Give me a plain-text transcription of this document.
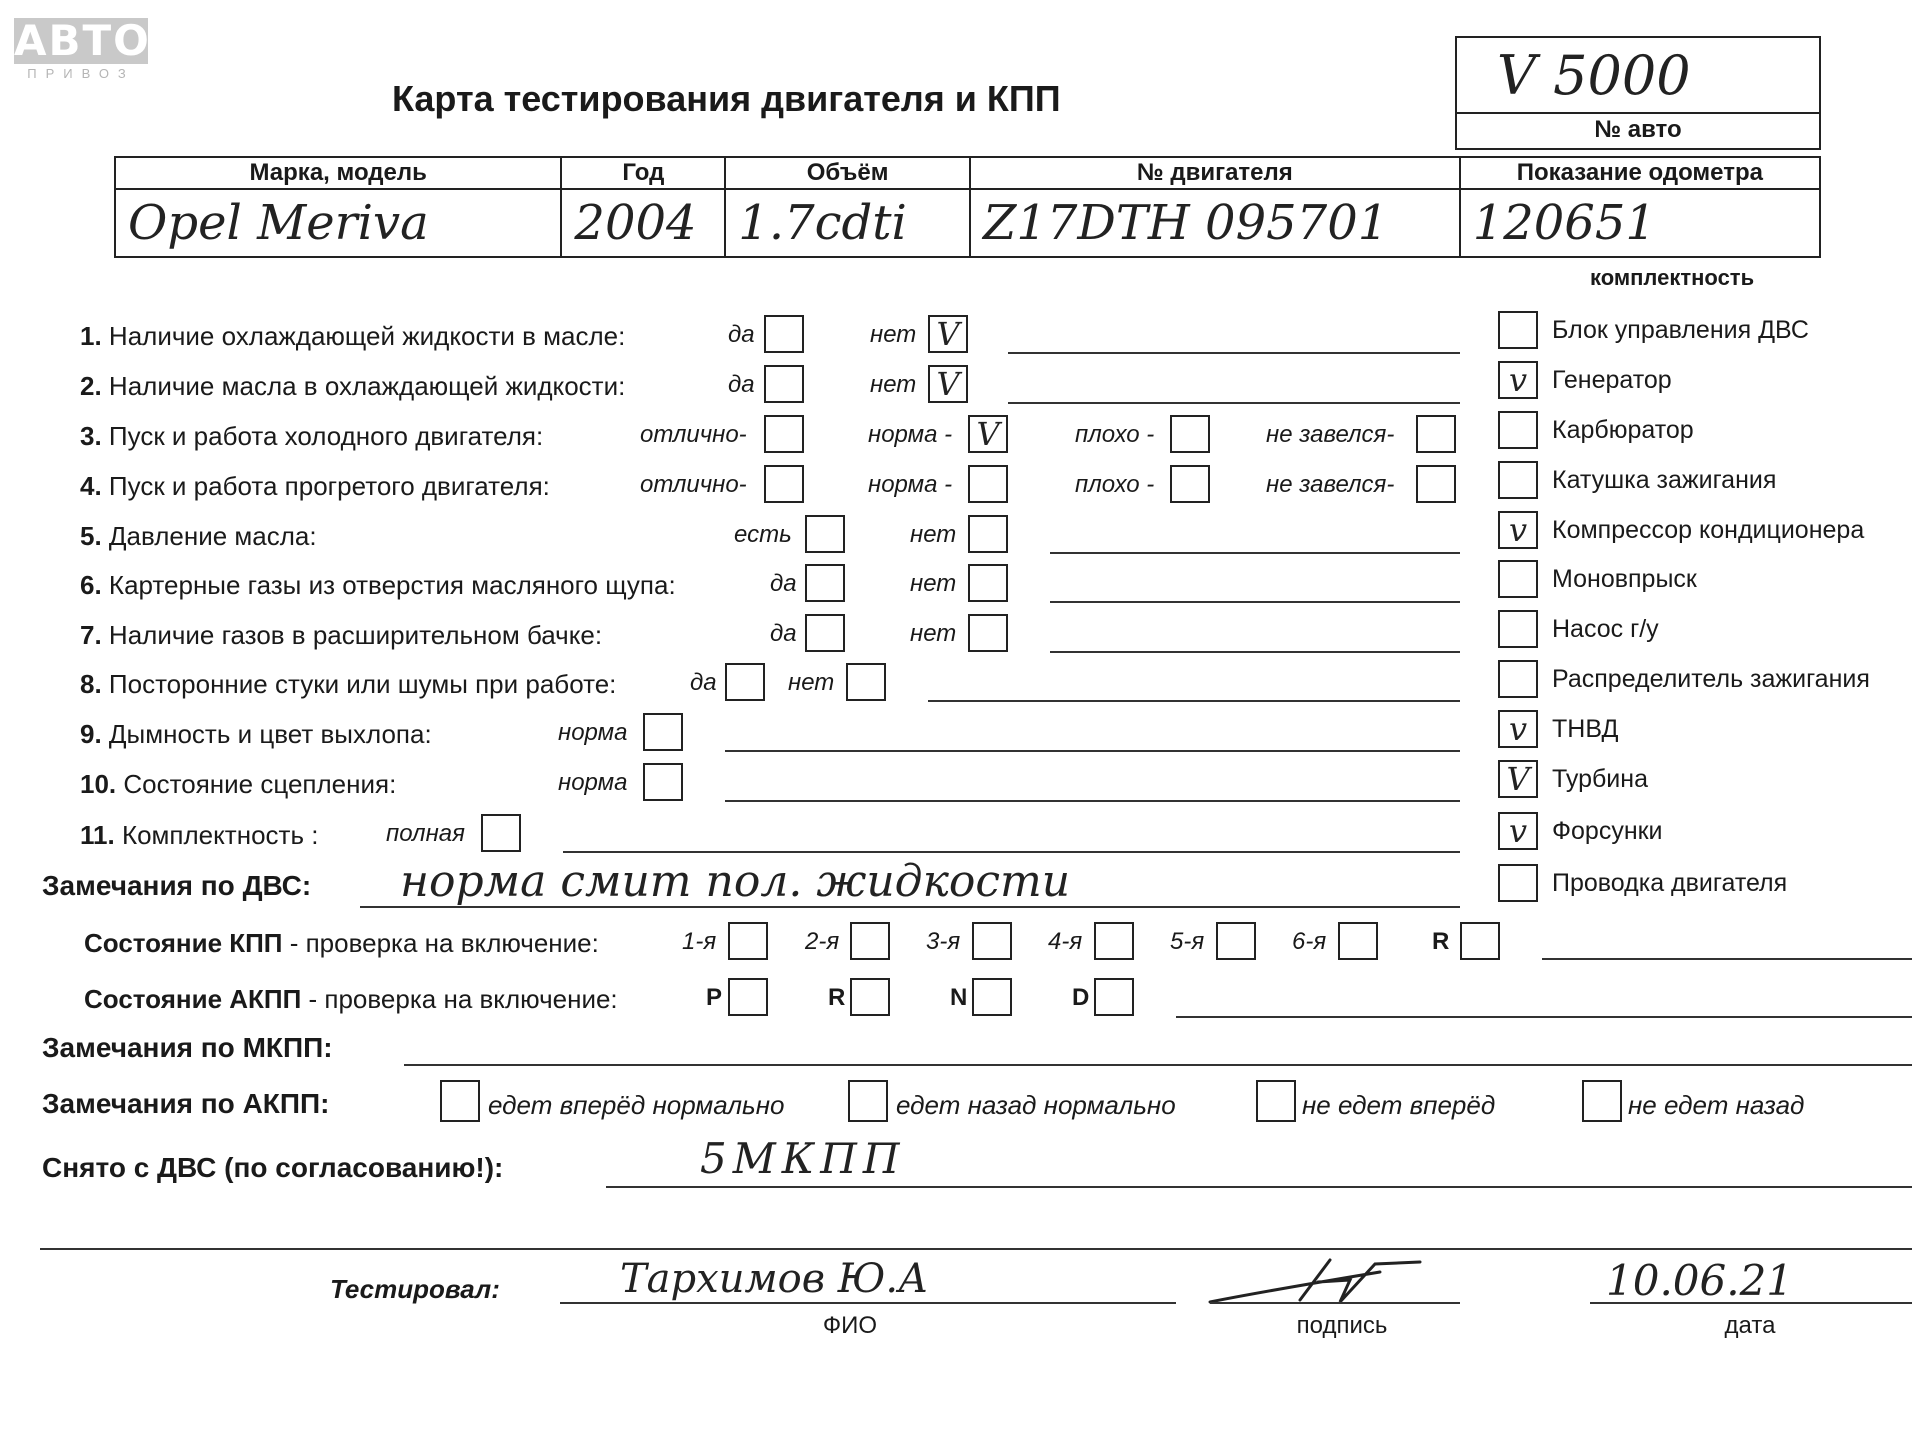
АВТО
ПРИВОЗ
Карта тестирования двигателя и КПП	V 5000
№ авто
Марка, модель	Год	Объём	№ двигателя	Показание одометра
Opel Meriva	2004	1.7cdti	Z17DTH 095701	120651
комплектность
1. Наличие охлаждающей жидкости в масле:	да	нет V
2. Наличие масла в охлаждающей жидкости:	да	нет V
3. Пуск и работа холодного двигателя:	отлично-	норма - V	плохо -	не завелся-
4. Пуск и работа прогретого двигателя:	отлично-	норма -	плохо -	не завелся-
5. Давление масла:	есть	нет
6. Картерные газы из отверстия масляного щупа:	да	нет
7. Наличие газов в расширительном бачке:	да	нет
8. Посторонние стуки или шумы при работе:	да	нет
9. Дымность и цвет выхлопа:	норма
10. Состояние сцепления:	норма
11. Комплектность :	полная
Блок управления ДВС
v Генератор
Карбюратор
Катушка зажигания
v Компрессор кондиционера
Моновпрыск
Насос г/у
Распределитель зажигания
v ТНВД
V Турбина
v Форсунки
Проводка двигателя
Замечания по ДВС: норма смит пол. жидкости
Состояние КПП - проверка на включение:	1-я	2-я	3-я	4-я	5-я	6-я	R
Состояние АКПП - проверка на включение:	P	R	N	D
Замечания по МКПП:
Замечания по АКПП:	едет вперёд нормально	едет назад нормально	не едет вперёд	не едет назад
Снято с ДВС (по согласованию!):	5МКПП
Тестировал:	Тархимов Ю.А
ФИО	подпись
10.06.21
дата
